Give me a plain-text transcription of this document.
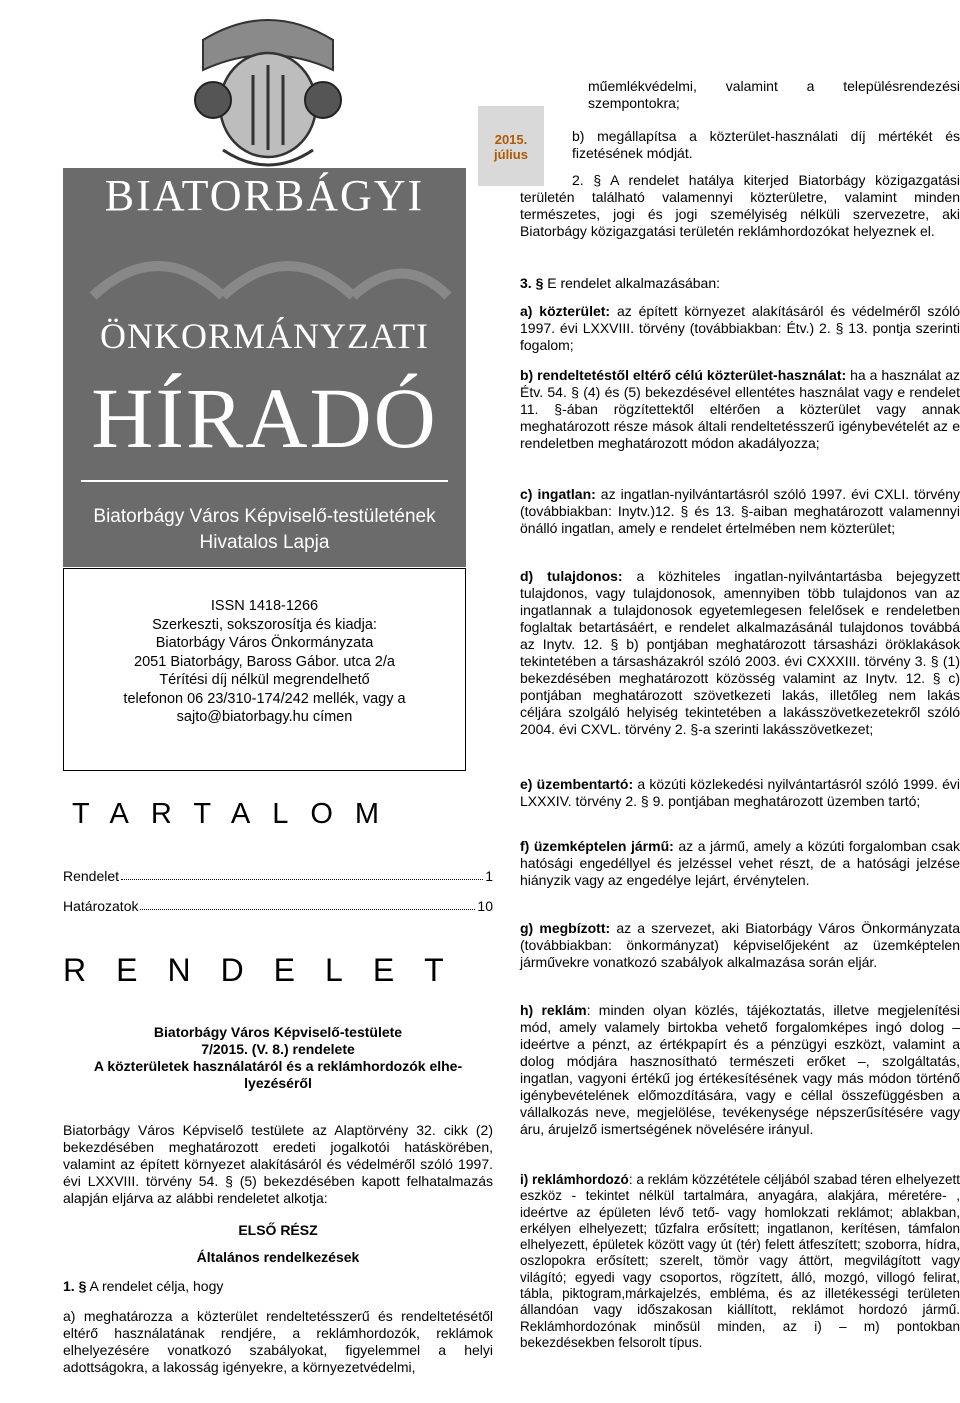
BIATORBÁGYI
ÖNKORMÁNYZATI
HÍRADÓ
Biatorbágy Város Képviselő-testületének
Hivatalos Lapja
2015.
július
ISSN 1418-1266
Szerkeszti, sokszorosítja és kiadja:
Biatorbágy Város Önkormányzata
2051 Biatorbágy, Baross Gábor. utca 2/a
Térítési díj nélkül megrendelhető
telefonon 06 23/310-174/242 mellék, vagy a
sajto@biatorbagy.hu címen
TARTALOM
Rendelet	1
Határozatok	10
RENDELET
Biatorbágy Város Képviselő-testülete
7/2015. (V. 8.) rendelete
A közterületek használatáról és a reklámhordozók elhe-
lyezéséről
Biatorbágy Város Képviselő testülete az Alaptörvény 32. cikk (2) bekezdésében meghatározott eredeti jogalkotói hatáskörében, valamint az épített környezet alakításáról és védelméről szóló 1997. évi LXXVIII. törvény 54. § (5) bekezdésében kapott felhatalmazás alapján eljárva az alábbi rendeletet alkotja:
ELSŐ RÉSZ
Általános rendelkezések
1. § A rendelet célja, hogy
a) meghatározza a közterület rendeltetésszerű és rendeltetésétől eltérő használatának rendjére, a reklámhordozók, reklámok elhelyezésére vonatkozó szabályokat, figyelemmel a helyi adottságokra, a lakosság igényekre, a környezetvédelmi,
műemlékvédelmi, valamint a településrendezési szempontokra;
b) megállapítsa a közterület-használati díj mértékét és fizetésének módját.
2. § A rendelet hatálya kiterjed Biatorbágy közigazgatási területén található valamennyi közterületre, valamint minden természetes, jogi és jogi személyiség nélküli szervezetre, aki Biatorbágy közigazgatási területén reklámhordozókat helyeznek el.
3. § E rendelet alkalmazásában:
a) közterület: az épített környezet alakításáról és védelméről szóló 1997. évi LXXVIII. törvény (továbbiakban: Étv.) 2. § 13. pontja szerinti fogalom;
b) rendeltetéstől eltérő célú közterület-használat: ha a használat az Étv. 54. § (4) és (5) bekezdésével ellentétes használat vagy e rendelet 11. §-ában rögzítettektől eltérően a közterület vagy annak meghatározott része mások általi rendeltetésszerű igénybevételét az e rendeletben meghatározott módon akadályozza;
c) ingatlan: az ingatlan-nyilvántartásról szóló 1997. évi CXLI. törvény (továbbiakban: Inytv.)12. § és 13. §-aiban meghatározott valamennyi önálló ingatlan, amely e rendelet értelmében nem közterület;
d) tulajdonos: a közhiteles ingatlan-nyilvántartásba bejegyzett tulajdonos, vagy tulajdonosok, amennyiben több tulajdonos van az ingatlannak a tulajdonosok egyetemlegesen felelősek e rendeletben foglaltak betartásáért, e rendelet alkalmazásánál tulajdonos továbbá az Inytv. 12. § b) pontjában meghatározott társasházi öröklakások tekintetében a társasházakról szóló 2003. évi CXXXIII. törvény 3. § (1) bekezdésében meghatározott közösség valamint az Inytv. 12. § c) pontjában meghatározott szövetkezeti lakás, illetőleg nem lakás céljára szolgáló helyiség tekintetében a lakásszövetkezetekről szóló 2004. évi CXVL. törvény 2. §-a szerinti lakásszövetkezet;
e) üzembentartó: a közúti közlekedési nyilvántartásról szóló 1999. évi LXXXIV. törvény 2. § 9. pontjában meghatározott üzemben tartó;
f) üzemképtelen jármű: az a jármű, amely a közúti forgalomban csak hatósági engedéllyel és jelzéssel vehet részt, de a hatósági jelzése hiányzik vagy az engedélye lejárt, érvénytelen.
g) megbízott: az a szervezet, aki Biatorbágy Város Önkormányzata (továbbiakban: önkormányzat) képviselőjeként az üzemképtelen járművekre vonatkozó szabályok alkalmazása során eljár.
h) reklám: minden olyan közlés, tájékoztatás, illetve megjelenítési mód, amely valamely birtokba vehető forgalomképes ingó dolog – ideértve a pénzt, az értékpapírt és a pénzügyi eszközt, valamint a dolog módjára hasznosítható természeti erőket –, szolgáltatás, ingatlan, vagyoni értékű jog értékesítésének vagy más módon történő igénybevételének előmozdítására, vagy e céllal összefüggésben a vállalkozás neve, megjelölése, tevékenysége népszerűsítésére vagy áru, árujelző ismertségének növelésére irányul.
i) reklámhordozó: a reklám közzététele céljából szabad téren elhelyezett eszköz - tekintet nélkül tartalmára, anyagára, alakjára, méretére- , ideértve az épületen lévő tető- vagy homlokzati reklámot; ablakban, erkélyen elhelyezett; tűzfalra erősített; ingatlanon, kerítésen, támfalon elhelyezett, épületek között vagy út (tér) felett átfeszített; szoborra, hídra, oszlopokra erősített; szerelt, tömör vagy áttört, megvilágított vagy világító; egyedi vagy csoportos, rögzített, álló, mozgó, villogó felirat, tábla, piktogram,márkajelzés, embléma, és az illetékességi területen állandóan vagy időszakosan kiállított, reklámot hordozó jármű. Reklámhordozónak minősül minden, az i) – m) pontokban bekezdésekben felsorolt típus.
